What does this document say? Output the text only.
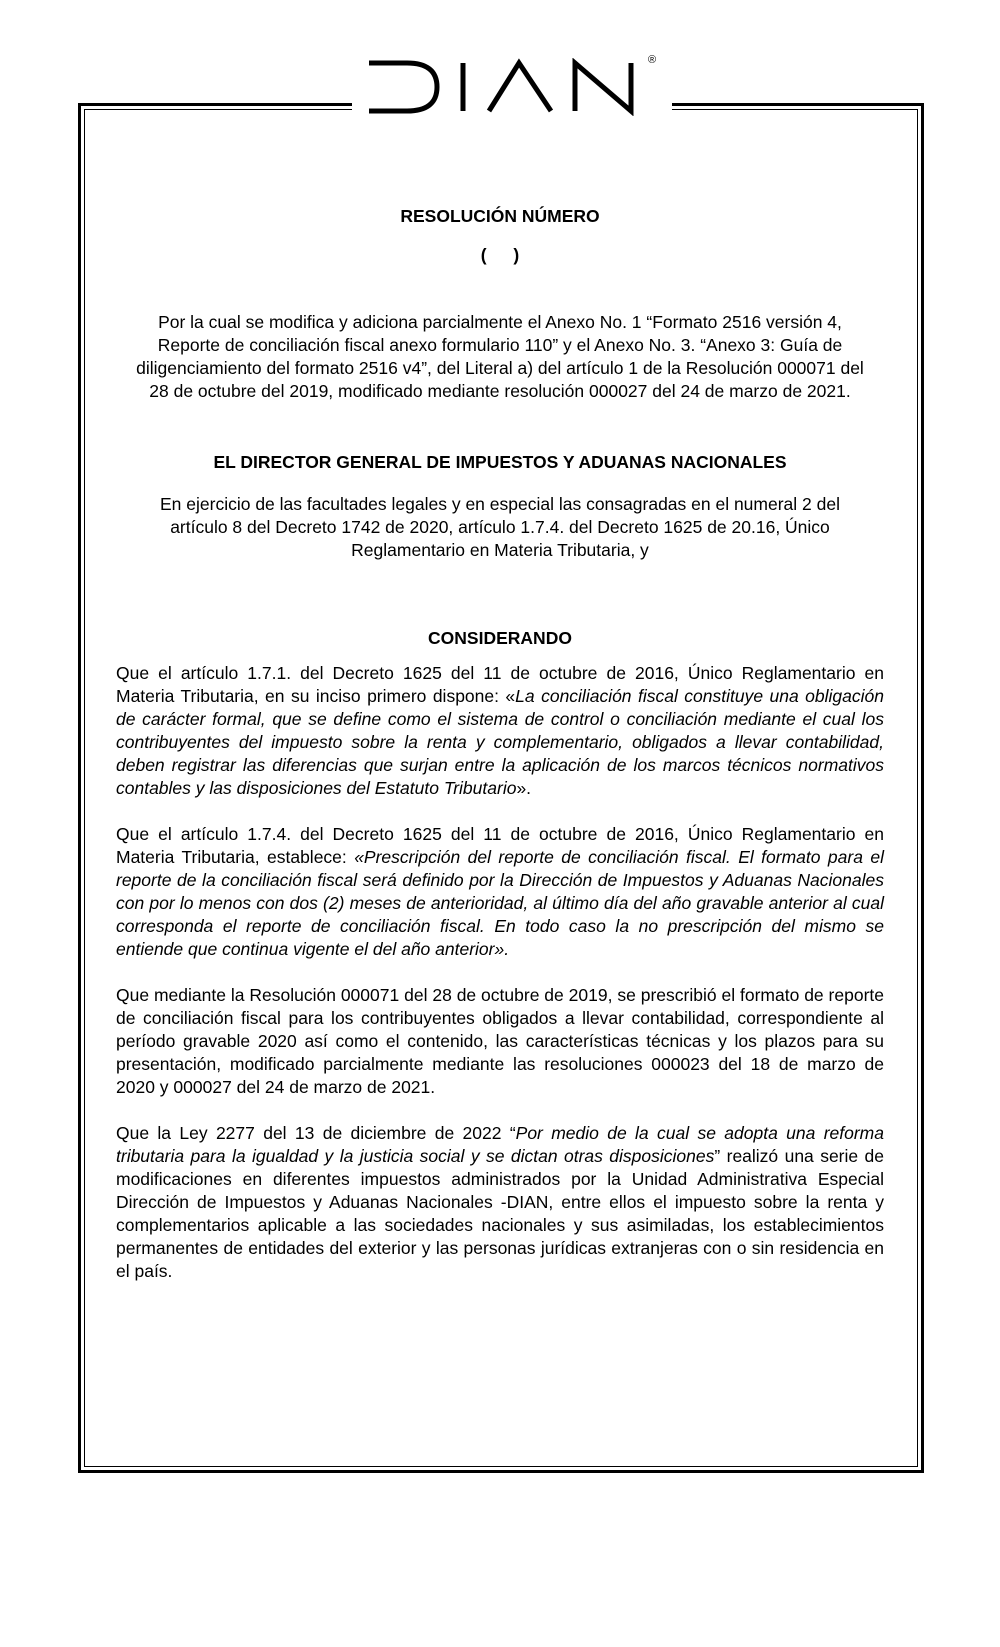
®

RESOLUCIÓN NÚMERO

( )

Por la cual se modifica y adiciona parcialmente el Anexo No. 1 “Formato 2516 versión 4, Reporte de conciliación fiscal anexo formulario 110” y el Anexo No. 3. “Anexo 3: Guía de diligenciamiento del formato 2516 v4”, del Literal a) del artículo 1 de la Resolución 000071 del 28 de octubre del 2019, modificado mediante resolución 000027 del 24 de marzo de 2021.

EL DIRECTOR GENERAL DE IMPUESTOS Y ADUANAS NACIONALES

En ejercicio de las facultades legales y en especial las consagradas en el numeral 2 del artículo 8 del Decreto 1742 de 2020, artículo 1.7.4. del Decreto 1625 de 20.16, Único Reglamentario en Materia Tributaria, y

CONSIDERANDO

Que el artículo 1.7.1. del Decreto 1625 del 11 de octubre de 2016, Único Reglamentario en Materia Tributaria, en su inciso primero dispone: «La conciliación fiscal constituye una obligación de carácter formal, que se define como el sistema de control o conciliación mediante el cual los contribuyentes del impuesto sobre la renta y complementario, obligados a llevar contabilidad, deben registrar las diferencias que surjan entre la aplicación de los marcos técnicos normativos contables y las disposiciones del Estatuto Tributario».

Que el artículo 1.7.4. del Decreto 1625 del 11 de octubre de 2016, Único Reglamentario en Materia Tributaria, establece: «Prescripción del reporte de conciliación fiscal. El formato para el reporte de la conciliación fiscal será definido por la Dirección de Impuestos y Aduanas Nacionales con por lo menos con dos (2) meses de anterioridad, al último día del año gravable anterior al cual corresponda el reporte de conciliación fiscal. En todo caso la no prescripción del mismo se entiende que continua vigente el del año anterior».

Que mediante la Resolución 000071 del 28 de octubre de 2019, se prescribió el formato de reporte de conciliación fiscal para los contribuyentes obligados a llevar contabilidad, correspondiente al período gravable 2020 así como el contenido, las características técnicas y los plazos para su presentación, modificado parcialmente mediante las resoluciones 000023 del 18 de marzo de 2020 y 000027 del 24 de marzo de 2021.

Que la Ley 2277 del 13 de diciembre de 2022 “Por medio de la cual se adopta una reforma tributaria para la igualdad y la justicia social y se dictan otras disposiciones” realizó una serie de modificaciones en diferentes impuestos administrados por la Unidad Administrativa Especial Dirección de Impuestos y Aduanas Nacionales -DIAN, entre ellos el impuesto sobre la renta y complementarios aplicable a las sociedades nacionales y sus asimiladas, los establecimientos permanentes de entidades del exterior y las personas jurídicas extranjeras con o sin residencia en el país.
